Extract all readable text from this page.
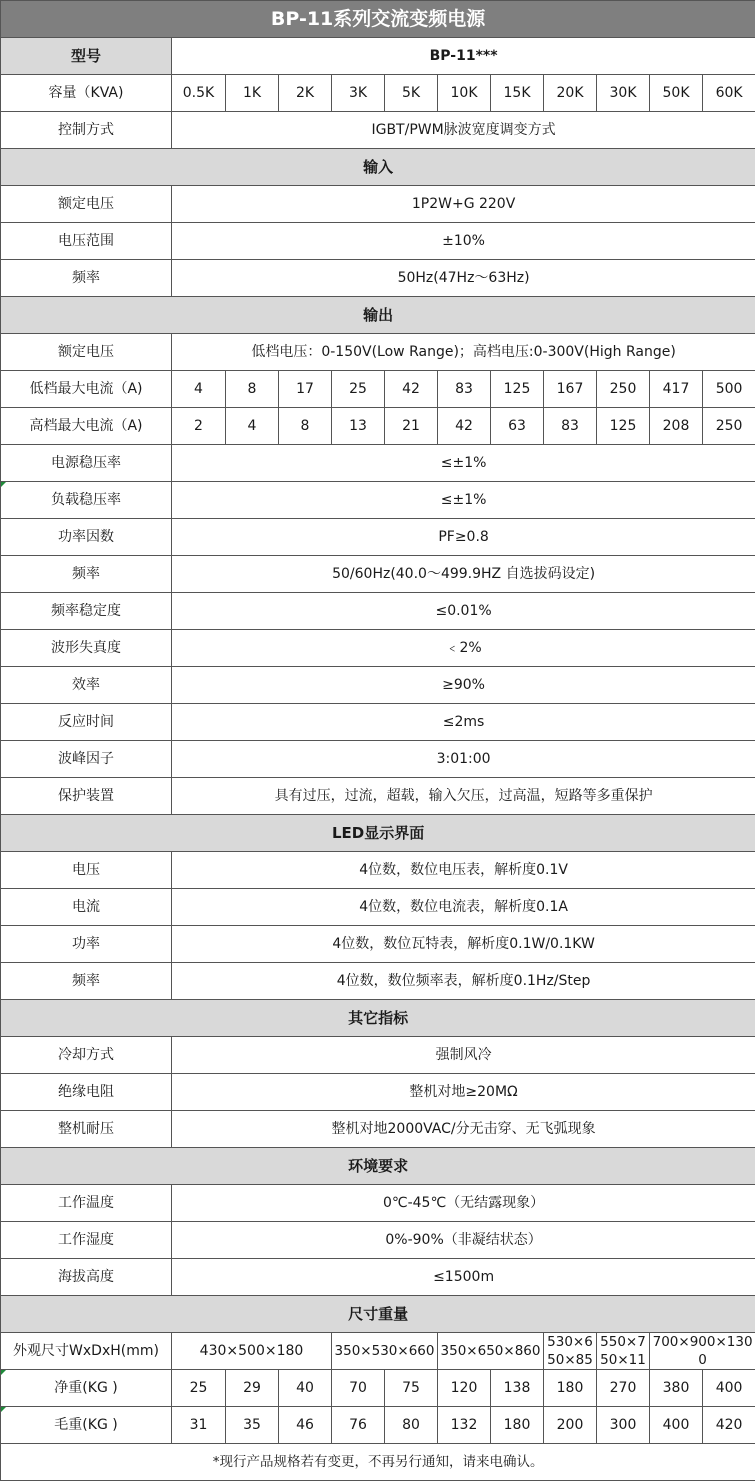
BP-11系列交流变频电源											
型号	BP-11***										
容量（KVA)	0.5K	1K	2K	3K	5K	10K	15K	20K	30K	50K	60K
控制方式	IGBT/PWM脉波宽度调变方式										
输入											
额定电压	1P2W+G 220V										
电压范围	±10%										
频率	50Hz(47Hz～63Hz)										
输出											
额定电压	低档电压：0-150V(Low Range)；高档电压:0-300V(High Range)										
低档最大电流（A)	4	8	17	25	42	83	125	167	250	417	500
高档最大电流（A)	2	4	8	13	21	42	63	83	125	208	250
电源稳压率	≤±1%										
负载稳压率	≤±1%										
功率因数	PF≥0.8										
频率	50/60Hz(40.0～499.9HZ 自选拔码设定)										
频率稳定度	≤0.01%										
波形失真度	﹤2%										
效率	≥90%										
反应时间	≤2ms										
波峰因子	3:01:00										
保护装置	具有过压，过流，超载，输入欠压，过高温，短路等多重保护										
LED显示界面											
电压	4位数，数位电压表，解析度0.1V										
电流	4位数，数位电流表，解析度0.1A										
功率	4位数，数位瓦特表，解析度0.1W/0.1KW										
频率	4位数，数位频率表，解析度0.1Hz/Step										
其它指标											
冷却方式	强制风冷										
绝缘电阻	整机对地≥20MΩ										
整机耐压	整机对地2000VAC/分无击穿、无飞弧现象										
环境要求											
工作温度	0℃-45℃（无结露现象）										
工作湿度	0%-90%（非凝结状态）										
海拔高度	≤1500m										
尺寸重量											
外观尺寸WxDxH(mm)	430×500×180			350×530×660		350×650×860		530×650×85	550×750×11	700×900×1300	
净重(KG )	25	29	40	70	75	120	138	180	270	380	400
毛重(KG )	31	35	46	76	80	132	180	200	300	400	420
*现行产品规格若有变更，不再另行通知，请来电确认。											
